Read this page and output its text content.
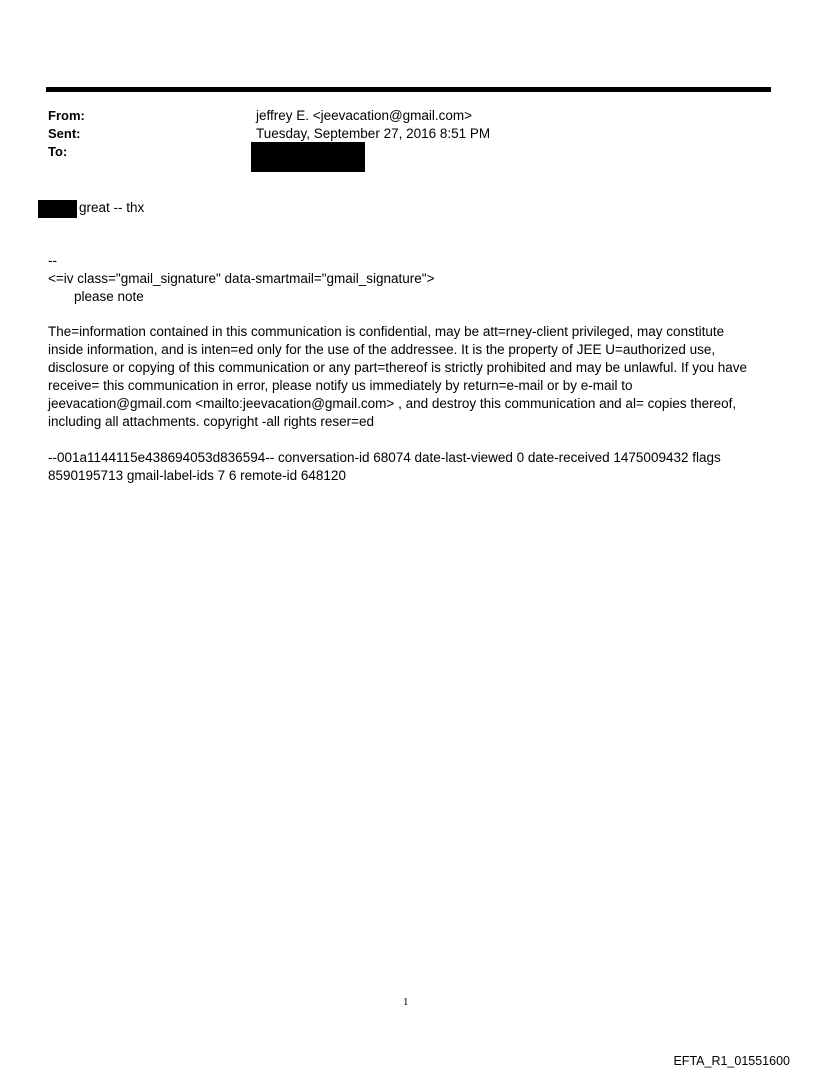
From:	jeffrey E. <jeevacation@gmail.com>
Sent:	Tuesday, September 27, 2016 8:51 PM
To:
great -- thx
--
<=iv class="gmail_signature" data-smartmail="gmail_signature">
please note
The=information contained in this communication is confidential, may be att=rney-client privileged, may constitute
inside information, and is inten=ed only for the use of the addressee. It is the property of JEE U=authorized use,
disclosure or copying of this communication or any part=thereof is strictly prohibited and may be unlawful. If you have
receive= this communication in error, please notify us immediately by return=e-mail or by e-mail to
jeevacation@gmail.com <mailto:jeevacation@gmail.com> , and destroy this communication and al= copies thereof,
including all attachments. copyright -all rights reser=ed
--001a1144115e438694053d836594-- conversation-id 68074 date-last-viewed 0 date-received 1475009432 flags
8590195713 gmail-label-ids 7 6 remote-id 648120
1
EFTA_R1_01551600
